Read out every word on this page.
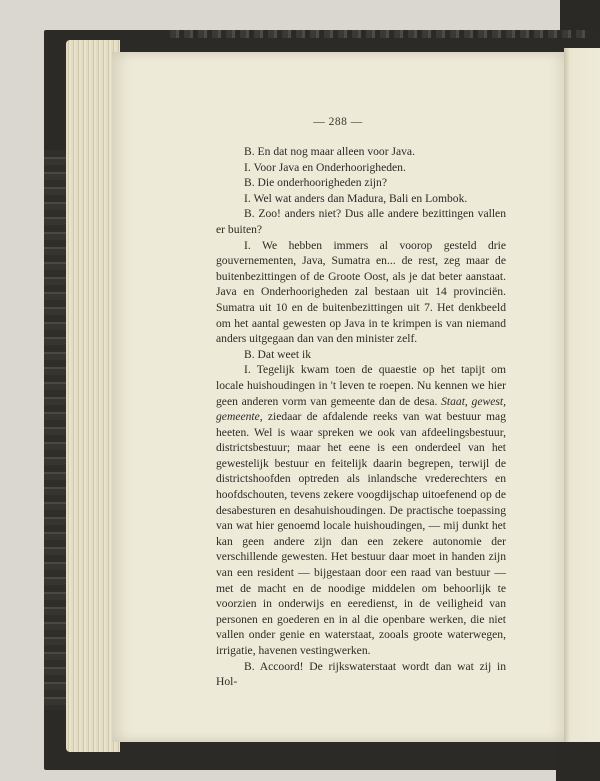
— 288 —

B. En dat nog maar alleen voor Java.

I. Voor Java en Onderhoorigheden.

B. Die onderhoorigheden zijn?

I. Wel wat anders dan Madura, Bali en Lombok.

B. Zoo! anders niet? Dus alle andere bezittingen vallen er buiten?

I. We hebben immers al voorop gesteld drie gouvernementen, Java, Sumatra en... de rest, zeg maar de buitenbezittingen of de Groote Oost, als je dat beter aanstaat. Java en Onderhoorigheden zal bestaan uit 14 provinciën. Sumatra uit 10 en de buitenbezittingen uit 7. Het denkbeeld om het aantal gewesten op Java in te krimpen is van niemand anders uitgegaan dan van den minister zelf.

B. Dat weet ik

I. Tegelijk kwam toen de quaestie op het tapijt om locale huishoudingen in 't leven te roepen. Nu kennen we hier geen anderen vorm van gemeente dan de desa. Staat, gewest, gemeente, ziedaar de afdalende reeks van wat bestuur mag heeten. Wel is waar spreken we ook van afdeelingsbestuur, districtsbestuur; maar het eene is een onderdeel van het gewestelijk bestuur en feitelijk daarin begrepen, terwijl de districtshoofden optreden als inlandsche vrederechters en hoofdschouten, tevens zekere voogdijschap uitoefenend op de desabesturen en desahuishoudingen. De practische toepassing van wat hier genoemd locale huishoudingen, — mij dunkt het kan geen andere zijn dan een zekere autonomie der verschillende gewesten. Het bestuur daar moet in handen zijn van een resident — bijgestaan door een raad van bestuur — met de macht en de noodige middelen om behoorlijk te voorzien in onderwijs en eeredienst, in de veiligheid van personen en goederen en in al die openbare werken, die niet vallen onder genie en waterstaat, zooals groote waterwegen, irrigatie, havenen vestingwerken.

B. Accoord! De rijkswaterstaat wordt dan wat zij in Hol-
